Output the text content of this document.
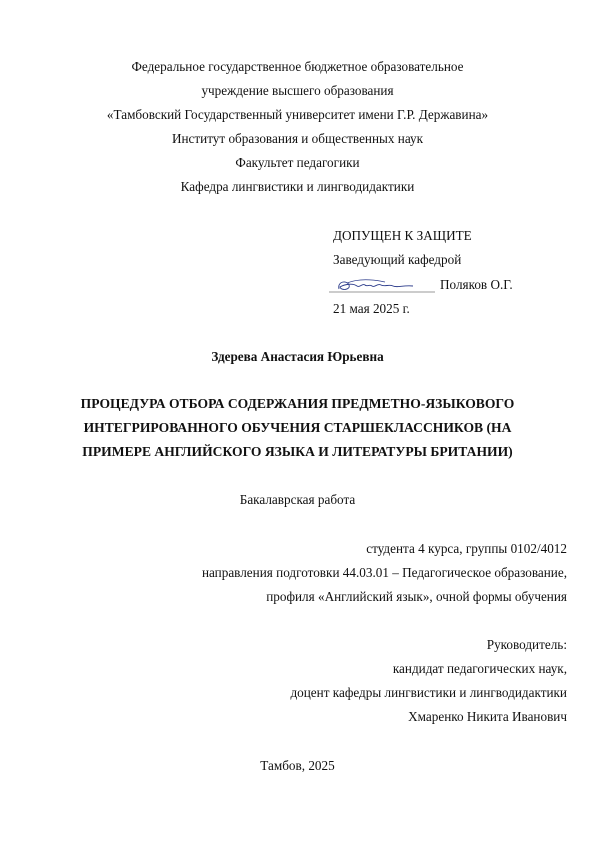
Федеральное государственное бюджетное образовательное
учреждение высшего образования
«Тамбовский Государственный университет имени Г.Р. Державина»
Институт образования и общественных наук
Факультет педагогики
Кафедра лингвистики и лингводидактики
ДОПУЩЕН К ЗАЩИТЕ
Заведующий кафедрой
Поляков О.Г.
21 мая 2025 г.
Здерева Анастасия Юрьевна
ПРОЦЕДУРА ОТБОРА СОДЕРЖАНИЯ ПРЕДМЕТНО-ЯЗЫКОВОГО
ИНТЕГРИРОВАННОГО ОБУЧЕНИЯ СТАРШЕКЛАССНИКОВ (НА
ПРИМЕРЕ АНГЛИЙСКОГО ЯЗЫКА И ЛИТЕРАТУРЫ БРИТАНИИ)
Бакалаврская работа
студента 4 курса, группы 0102/4012
направления подготовки 44.03.01 – Педагогическое образование,
профиля «Английский язык», очной формы обучения
Руководитель:
кандидат педагогических наук,
доцент кафедры лингвистики и лингводидактики
Хмаренко Никита Иванович
Тамбов, 2025
